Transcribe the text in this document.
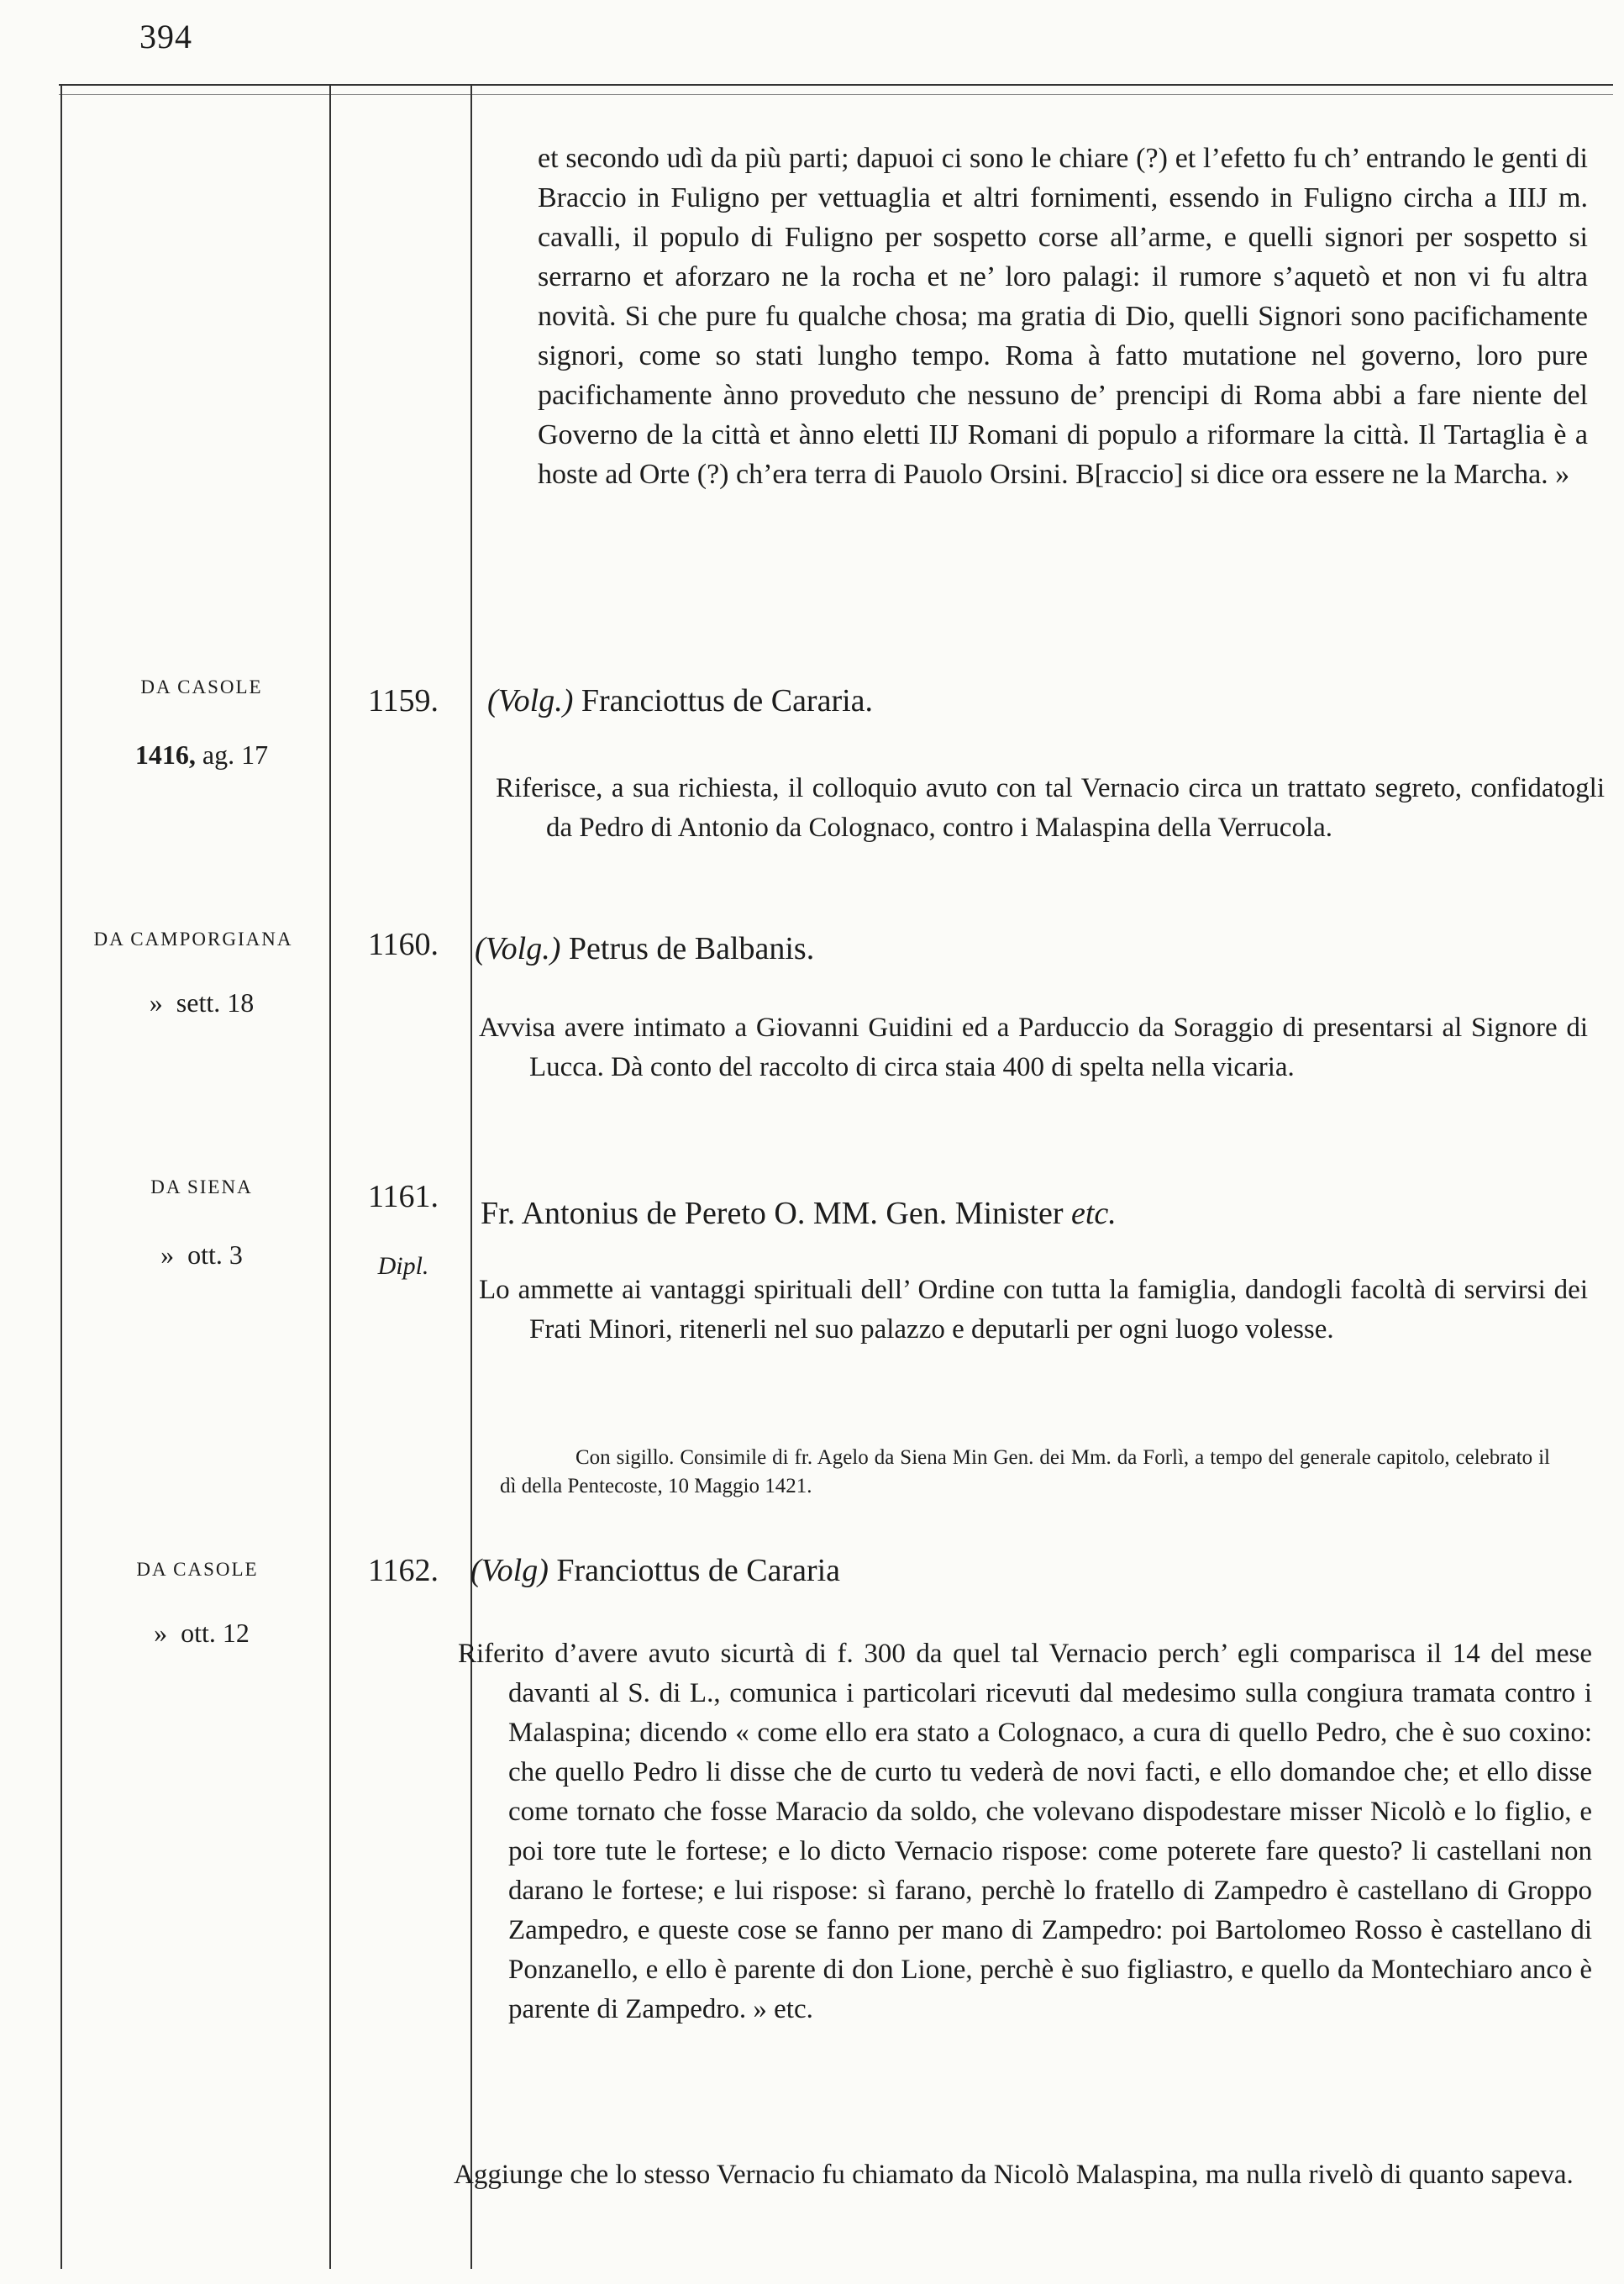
394

et secondo udì da più parti; dapuoi ci sono le chiare (?) et l’efetto fu ch’ entrando le genti di Braccio in Fuligno per vettuaglia et altri fornimenti, essendo in Fuligno circha a IIIJ m. cavalli, il populo di Fuligno per sospetto corse all’arme, e quelli signori per sospetto si serrarno et aforzaro ne la rocha et ne’ loro palagi: il rumore s’aquetò et non vi fu altra novità. Si che pure fu qualche chosa; ma gratia di Dio, quelli Signori sono pacifichamente signori, come so stati lungho tempo. Roma à fatto mutatione nel governo, loro pure pacifichamente ànno proveduto che nessuno de’ prencipi di Roma abbi a fare niente del Governo de la città et ànno eletti IIJ Romani di populo a riformare la città. Il Tartaglia è a hoste ad Orte (?) ch’era terra di Pauolo Orsini. B[raccio] si dice ora essere ne la Marcha. »

DA CASOLE
1416, ag. 17
1159.	(Volg.) Franciottus de Cararia.
Riferisce, a sua richiesta, il colloquio avuto con tal Vernacio circa un trattato segreto, confidatogli da Pedro di Antonio da Colognaco, contro i Malaspina della Verrucola.
DA CAMPORGIANA
» sett. 18
1160.	(Volg.) Petrus de Balbanis.
Avvisa avere intimato a Giovanni Guidini ed a Parduccio da Soraggio di presentarsi al Signore di Lucca. Dà conto del raccolto di circa staia 400 di spelta nella vicaria.
DA SIENA
» ott. 3
1161.
Dipl.
Fr. Antonius de Pereto O. MM. Gen. Minister etc.
Lo ammette ai vantaggi spirituali dell’ Ordine con tutta la famiglia, dandogli facoltà di servirsi dei Frati Minori, ritenerli nel suo palazzo e deputarli per ogni luogo volesse.
Con sigillo. Consimile di fr. Agelo da Siena Min Gen. dei Mm. da Forlì, a tempo del generale capitolo, celebrato il dì della Pentecoste, 10 Maggio 1421.
DA CASOLE
» ott. 12
1162. (Volg) Franciottus de Cararia
Riferito d’avere avuto sicurtà di f. 300 da quel tal Vernacio perch’ egli comparisca il 14 del mese davanti al S. di L., comunica i particolari ricevuti dal medesimo sulla congiura tramata contro i Malaspina; dicendo « come ello era stato a Colognaco, a cura di quello Pedro, che è suo coxino: che quello Pedro li disse che de curto tu vederà de novi facti, e ello domandoe che; et ello disse come tornato che fosse Maracio da soldo, che volevano dispodestare misser Nicolò e lo figlio, e poi tore tute le fortese; e lo dicto Vernacio rispose: come poterete fare questo? li castellani non darano le fortese; e lui rispose: sì farano, perchè lo fratello di Zampedro è castellano di Groppo Zampedro, e queste cose se fanno per mano di Zampedro: poi Bartolomeo Rosso è castellano di Ponzanello, e ello è parente di don Lione, perchè è suo figliastro, e quello da Montechiaro anco è parente di Zampedro. » etc.
Aggiunge che lo stesso Vernacio fu chiamato da Nicolò Malaspina, ma nulla rivelò di quanto sapeva.
